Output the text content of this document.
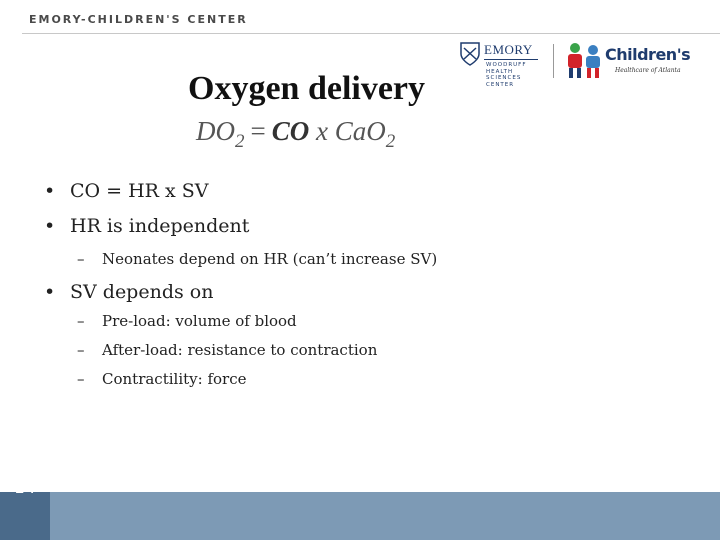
EMORY-CHILDREN'S CENTER
EMORY
WOODRUFF
HEALTH
SCIENCES
CENTER
Children's
Healthcare of Atlanta
Oxygen delivery
$DO_2$ = CO x CaO$_2$
• CO = HR x SV
• HR is independent
– Neonates depend on HR (can’t increase SV)
• SV depends on
– Pre-load: volume of blood
– After-load: resistance to contraction
– Contractility: force
14
